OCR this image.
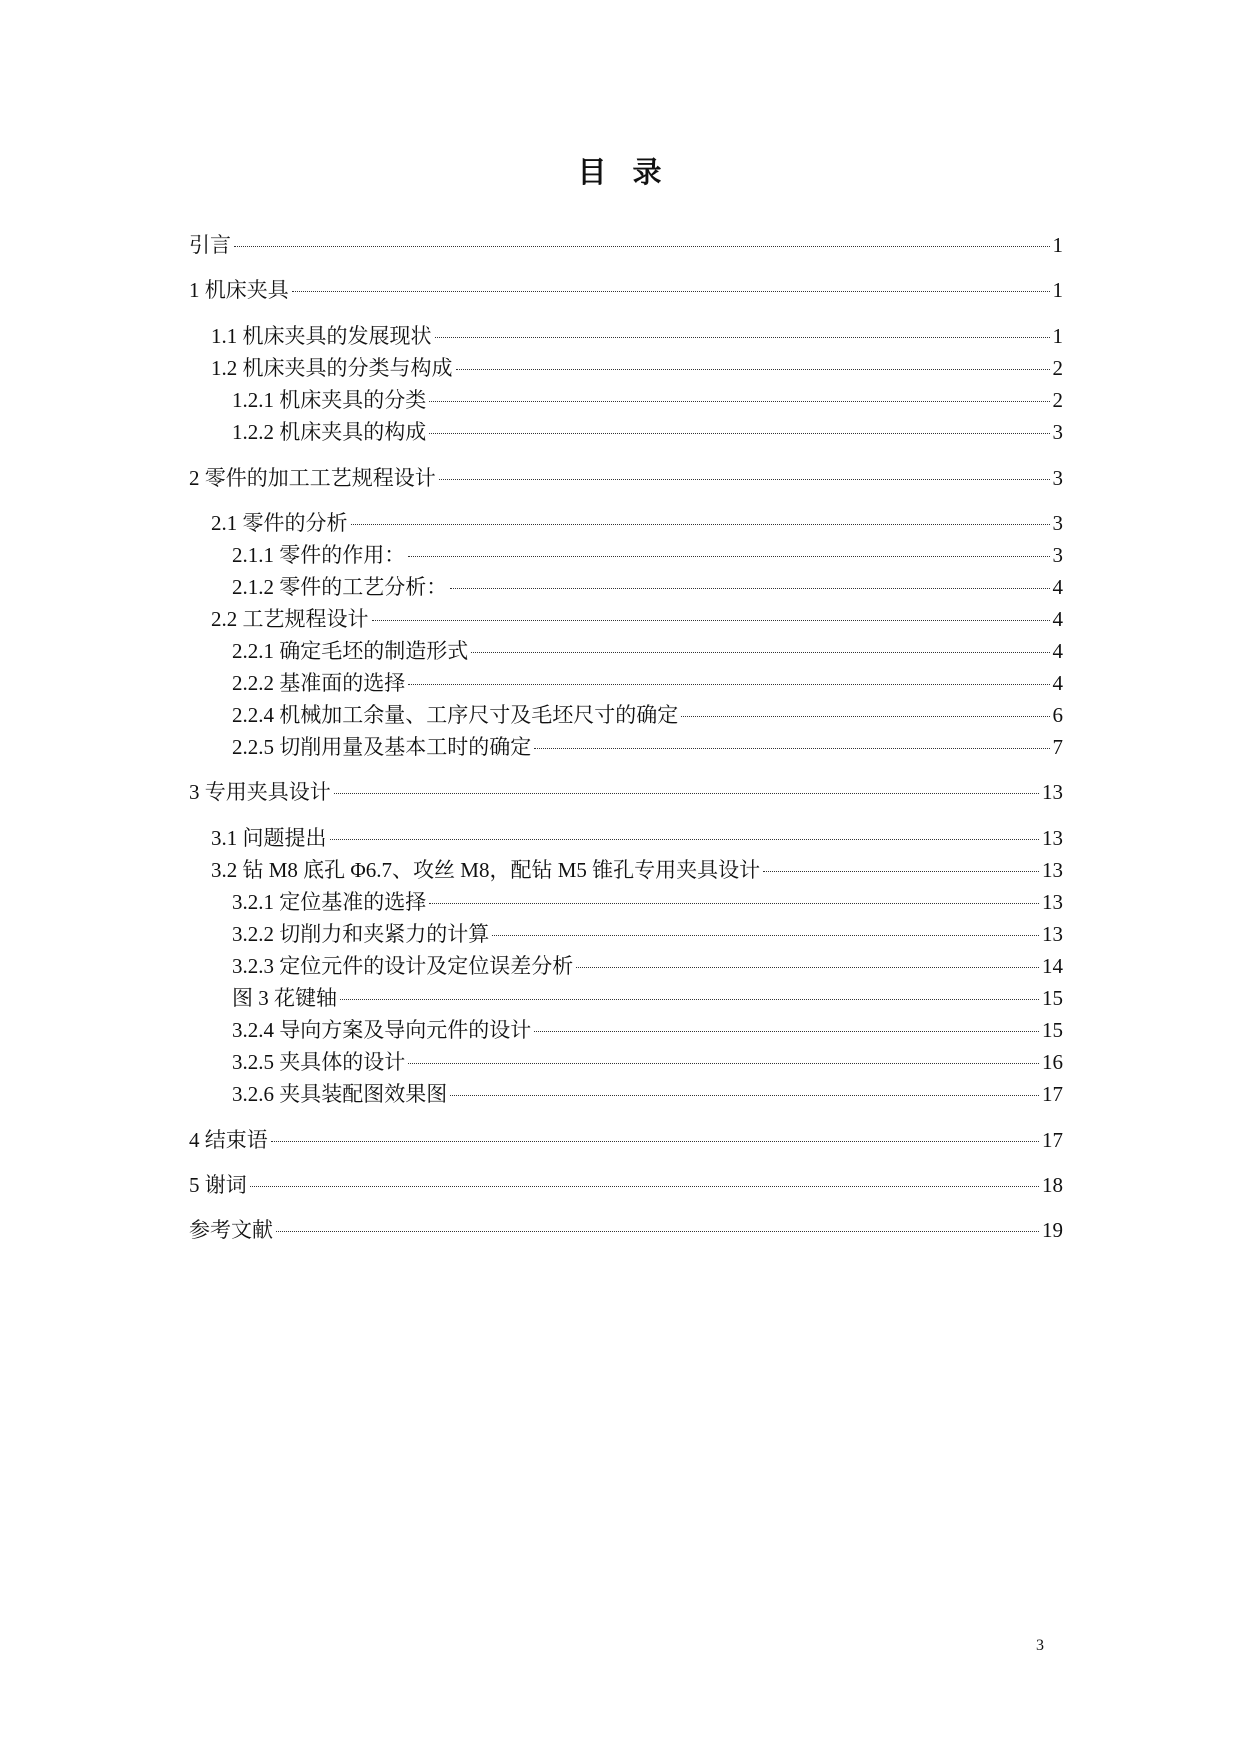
目 录
引言	1
1 机床夹具	1
1.1 机床夹具的发展现状	1
1.2 机床夹具的分类与构成	2
1.2.1 机床夹具的分类	2
1.2.2 机床夹具的构成	3
2 零件的加工工艺规程设计	3
2.1 零件的分析	3
2.1.1 零件的作用：	3
2.1.2 零件的工艺分析：	4
2.2 工艺规程设计	4
2.2.1 确定毛坯的制造形式	4
2.2.2 基准面的选择	4
2.2.4 机械加工余量、工序尺寸及毛坯尺寸的确定	6
2.2.5 切削用量及基本工时的确定	7
3 专用夹具设计	13
3.1 问题提出	13
3.2 钻 M8 底孔 Φ6.7、攻丝 M8，配钻 M5 锥孔专用夹具设计	13
3.2.1 定位基准的选择	13
3.2.2 切削力和夹紧力的计算	13
3.2.3 定位元件的设计及定位误差分析	14
图 3 花键轴	15
3.2.4 导向方案及导向元件的设计	15
3.2.5 夹具体的设计	16
3.2.6 夹具装配图效果图	17
4 结束语	17
5 谢词	18
参考文献	19
3
